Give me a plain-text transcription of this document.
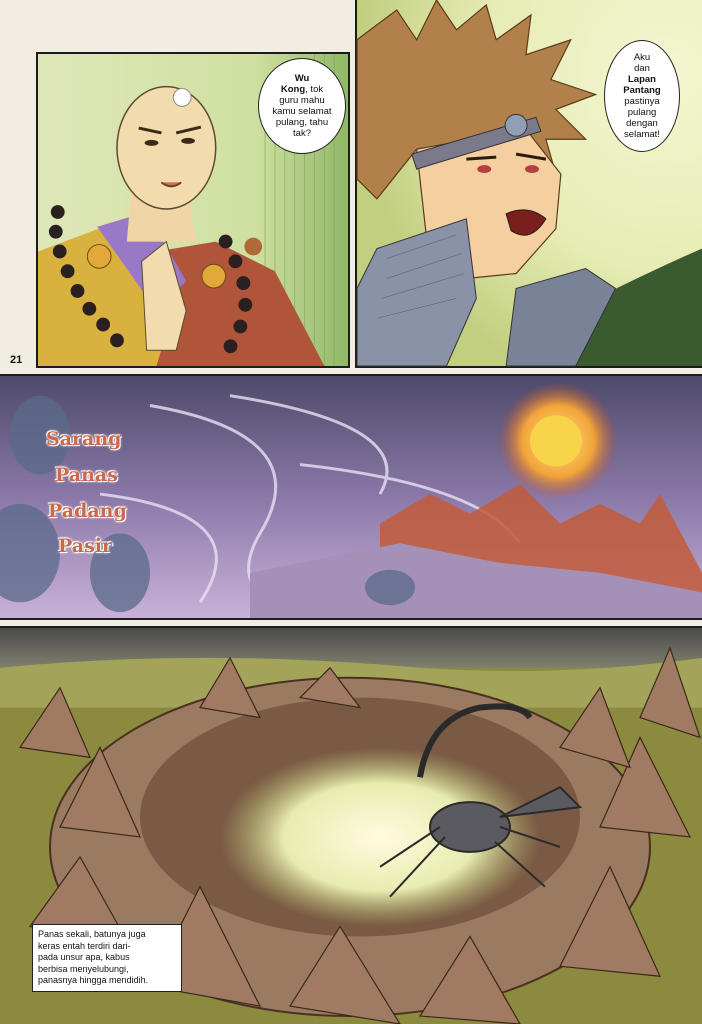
21
Sarang
Panas
Padang
Pasir
Panas sekali, batunya juga
keras entah terdiri dari-
pada unsur apa, kabus
berbisa menyelubungi,
panasnya hingga mendidih.
Wu
Kong, tok
guru mahu
kamu selamat
pulang, tahu
tak?
Aku
dan
Lapan
Pantang
pastinya
pulang
dengan
selamat!
